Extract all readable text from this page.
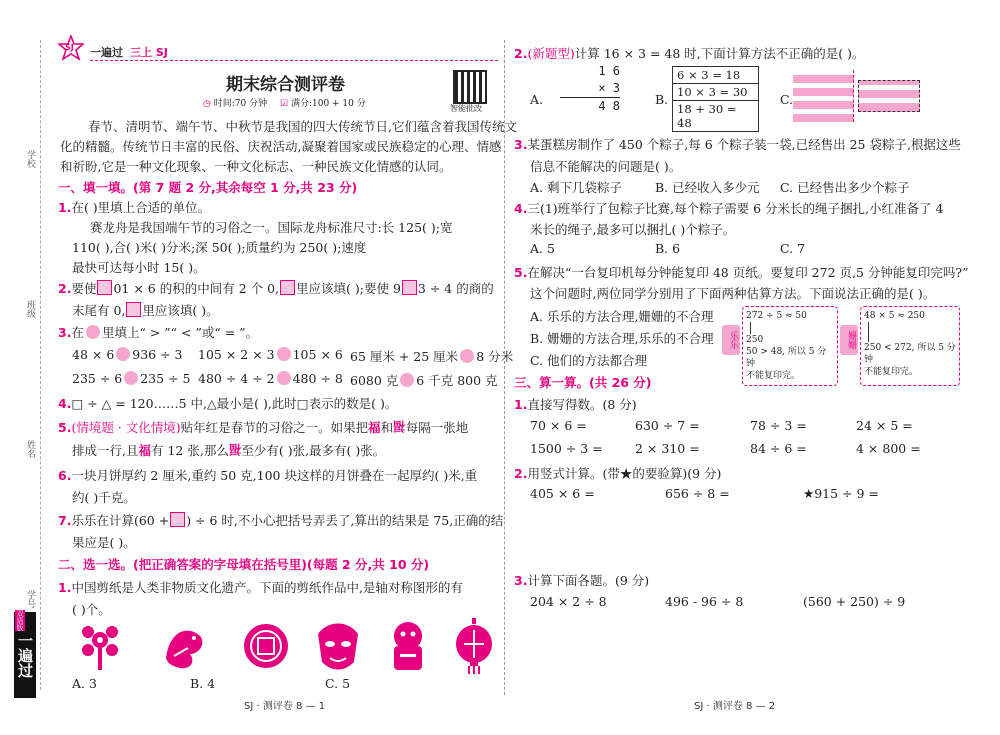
学校
班级
姓名
学号
一遍过
双语版
SJ 一遍过 三上 SJ
期末综合测评卷
◷ 时间:70 分钟 ☑ 满分:100 + 10 分	智能批改
春节、清明节、端午节、中秋节是我国的四大传统节日,它们蕴含着我国传统文
化的精髓。传统节日丰富的民俗、庆祝活动,凝聚着国家或民族稳定的心理、情感
和祈盼,它是一种文化现象、一种文化标志、一种民族文化情感的认同。
一、填一填。(第 7 题 2 分,其余每空 1 分,共 23 分)
1.在( )里填上合适的单位。
赛龙舟是我国端午节的习俗之一。国际龙舟标准尺寸:长 125( );宽
110( ),合( )米( )分米;深 50( );质量约为 250( );速度
最快可达每小时 15( )。
2.要使 01 × 6 的积的中间有 2 个 0, 里应该填( );要使 9 3 ÷ 4 的商的
末尾有 0, 里应该填( )。
3.在 里填上“ > ”“ < ”或“ = ”。
48 × 6 936 ÷ 3 105 × 2 × 3 105 × 6 65 厘米 + 25 厘米 8 分米
235 ÷ 6 235 ÷ 5 480 ÷ 4 ÷ 2 480 ÷ 8 6080 克 6 千克 800 克
4.□ ÷ △ = 120……5 中,△最小是( ),此时□表示的数是( )。
5.(情境题 · 文化情境)贴年红是春节的习俗之一。如果把福和福每隔一张地
排成一行,且福有 12 张,那么福至少有( )张,最多有( )张。
6.一块月饼厚约 2 厘米,重约 50 克,100 块这样的月饼叠在一起厚约( )米,重
约( )千克。
7.乐乐在计算(60 + ) ÷ 6 时,不小心把括号弄丢了,算出的结果是 75,正确的结
果应是( )。
二、选一选。(把正确答案的字母填在括号里)(每题 2 分,共 10 分)
1.中国剪纸是人类非物质文化遗产。下面的剪纸作品中,是轴对称图形的有
( )个。
A. 3	B. 4	C. 5
SJ · 测评卷 8 — 1
2.(新题型)计算 16 × 3 = 48 时,下面计算方法不正确的是( )。
A.
1 6
× 3
4 8	B.
6 × 3 = 18
10 × 3 = 30
18 + 30 = 48
C.
3.某蛋糕房制作了 450 个粽子,每 6 个粽子装一袋,已经售出 25 袋粽子,根据这些
信息不能解决的问题是( )。
A. 剩下几袋粽子	B. 已经收入多少元 C. 已经售出多少个粽子
4.三(1)班举行了包粽子比赛,每个粽子需要 6 分米长的绳子捆扎,小红准备了 4
米长的绳子,最多可以捆扎( )个粽子。
A. 5	B. 6	C. 7
5.在解决“一台复印机每分钟能复印 48 页纸。要复印 272 页,5 分钟能复印完吗?”
这个问题时,两位同学分别用了下面两种估算方法。下面说法正确的是( )。
A. 乐乐的方法合理,姗姗的不合理
B. 姗姗的方法合理,乐乐的不合理
C. 他们的方法都合理
乐乐
272 ÷ 5 ≈ 50
250
50 > 48, 所以 5 分钟
不能复印完。
姗姗
48 × 5 ≈ 250
250 < 272, 所以 5 分钟
不能复印完。
三、算一算。(共 26 分)
1.直接写得数。(8 分)
70 × 6 =	630 ÷ 7 =	78 ÷ 3 =	24 × 5 =
1500 ÷ 3 =	2 × 310 =	84 ÷ 6 =	4 × 800 =
2.用竖式计算。(带★的要验算)(9 分)
405 × 6 =	656 ÷ 8 =	★915 ÷ 9 =
3.计算下面各题。(9 分)
204 × 2 ÷ 8	496 - 96 ÷ 8	(560 + 250) ÷ 9
SJ · 测评卷 8 — 2
